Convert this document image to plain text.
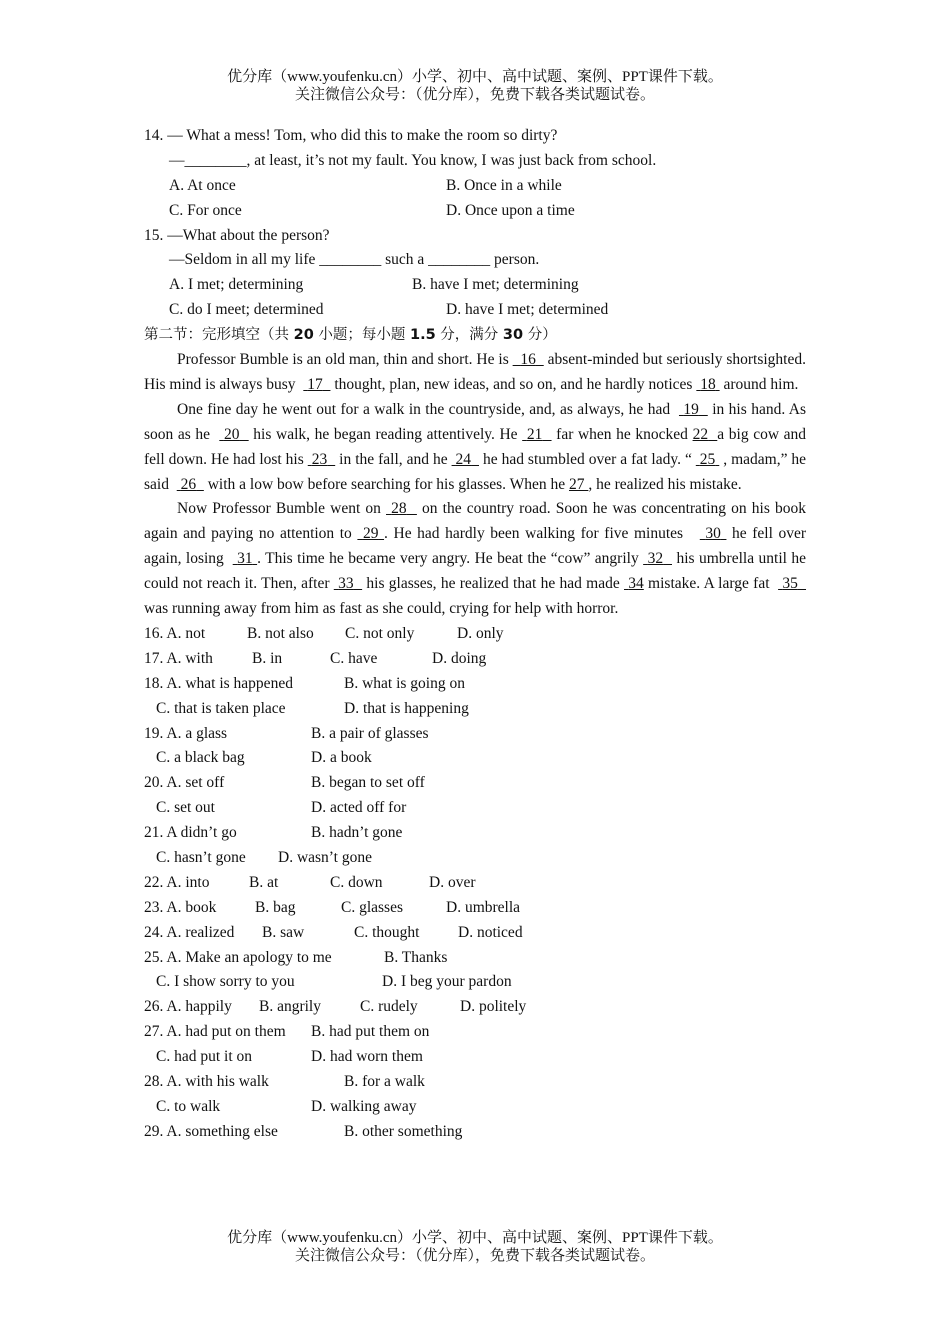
优分库（www.youfenku.cn）小学、初中、高中试题、案例、PPT课件下载。
关注微信公众号：（优分库），免费下载各类试题试卷。
14. — What a mess! Tom, who did this to make the room so dirty?
—________, at least, it’s not my fault. You know, I was just back from school.
A. At once	B. Once in a while
C. For once	D. Once upon a time
15. —What about the person?
—Seldom in all my life ________ such a ________ person.
A. I met; determining	B. have I met; determining
C. do I meet; determined	D. have I met; determined
第二节：完形填空（共 20 小题；每小题 1.5 分，满分 30 分）

Professor Bumble is an old man, thin and short. He is   16   absent-minded but seriously shortsighted. His mind is always busy   17   thought, plan, new ideas, and so on, and he hardly notices  18  around him.

One fine day he went out for a walk in the countryside, and, as always, he had   19   in his hand. As soon as he   20   his walk, he began reading attentively. He  21   far when he knocked 22 a big cow and fell down. He had lost his  23   in the fall, and he  24   he had stumbled over a fat lady. “  25  , madam,” he said   26   with a low bow before searching for his glasses. When he 27 , he realized his mistake.

Now Professor Bumble went on  28   on the country road. Soon he was concentrating on his book again and paying no attention to  29 . He had hardly been walking for five minutes    30  he fell over again, losing   31 . This time he became very angry. He beat the “cow” angrily  32   his umbrella until he could not reach it. Then, after  33   his glasses, he realized that he had made  34 mistake. A large fat   35   was running away from him as fast as she could, crying for help with horror.

16. A. not	B. not also C. not only	D. only
17. A. with	B. in	C. have	D. doing
18. A. what is happened	B. what is going on
C. that is taken place	D. that is happening
19. A. a glass	B. a pair of glasses
C. a black bag	D. a book
20. A. set off	B. began to set off
C. set out	D. acted off for
21. A didn’t go	B. hadn’t gone
C. hasn’t gone D. wasn’t gone
22. A. into	B. at	C. down	D. over
23. A. book B. bag	C. glasses	D. umbrella
24. A. realized B. saw	C. thought D. noticed
25. A. Make an apology to me	B. Thanks
C. I show sorry to you	D. I beg your pardon
26. A. happily B. angrily	C. rudely	D. politely
27. A. had put on them B. had put them on
C. had put it on	D. had worn them
28. A. with his walk	B. for a walk
C. to walk	D. walking away
29. A. something else	B. other something
优分库（www.youfenku.cn）小学、初中、高中试题、案例、PPT课件下载。
关注微信公众号：（优分库），免费下载各类试题试卷。
